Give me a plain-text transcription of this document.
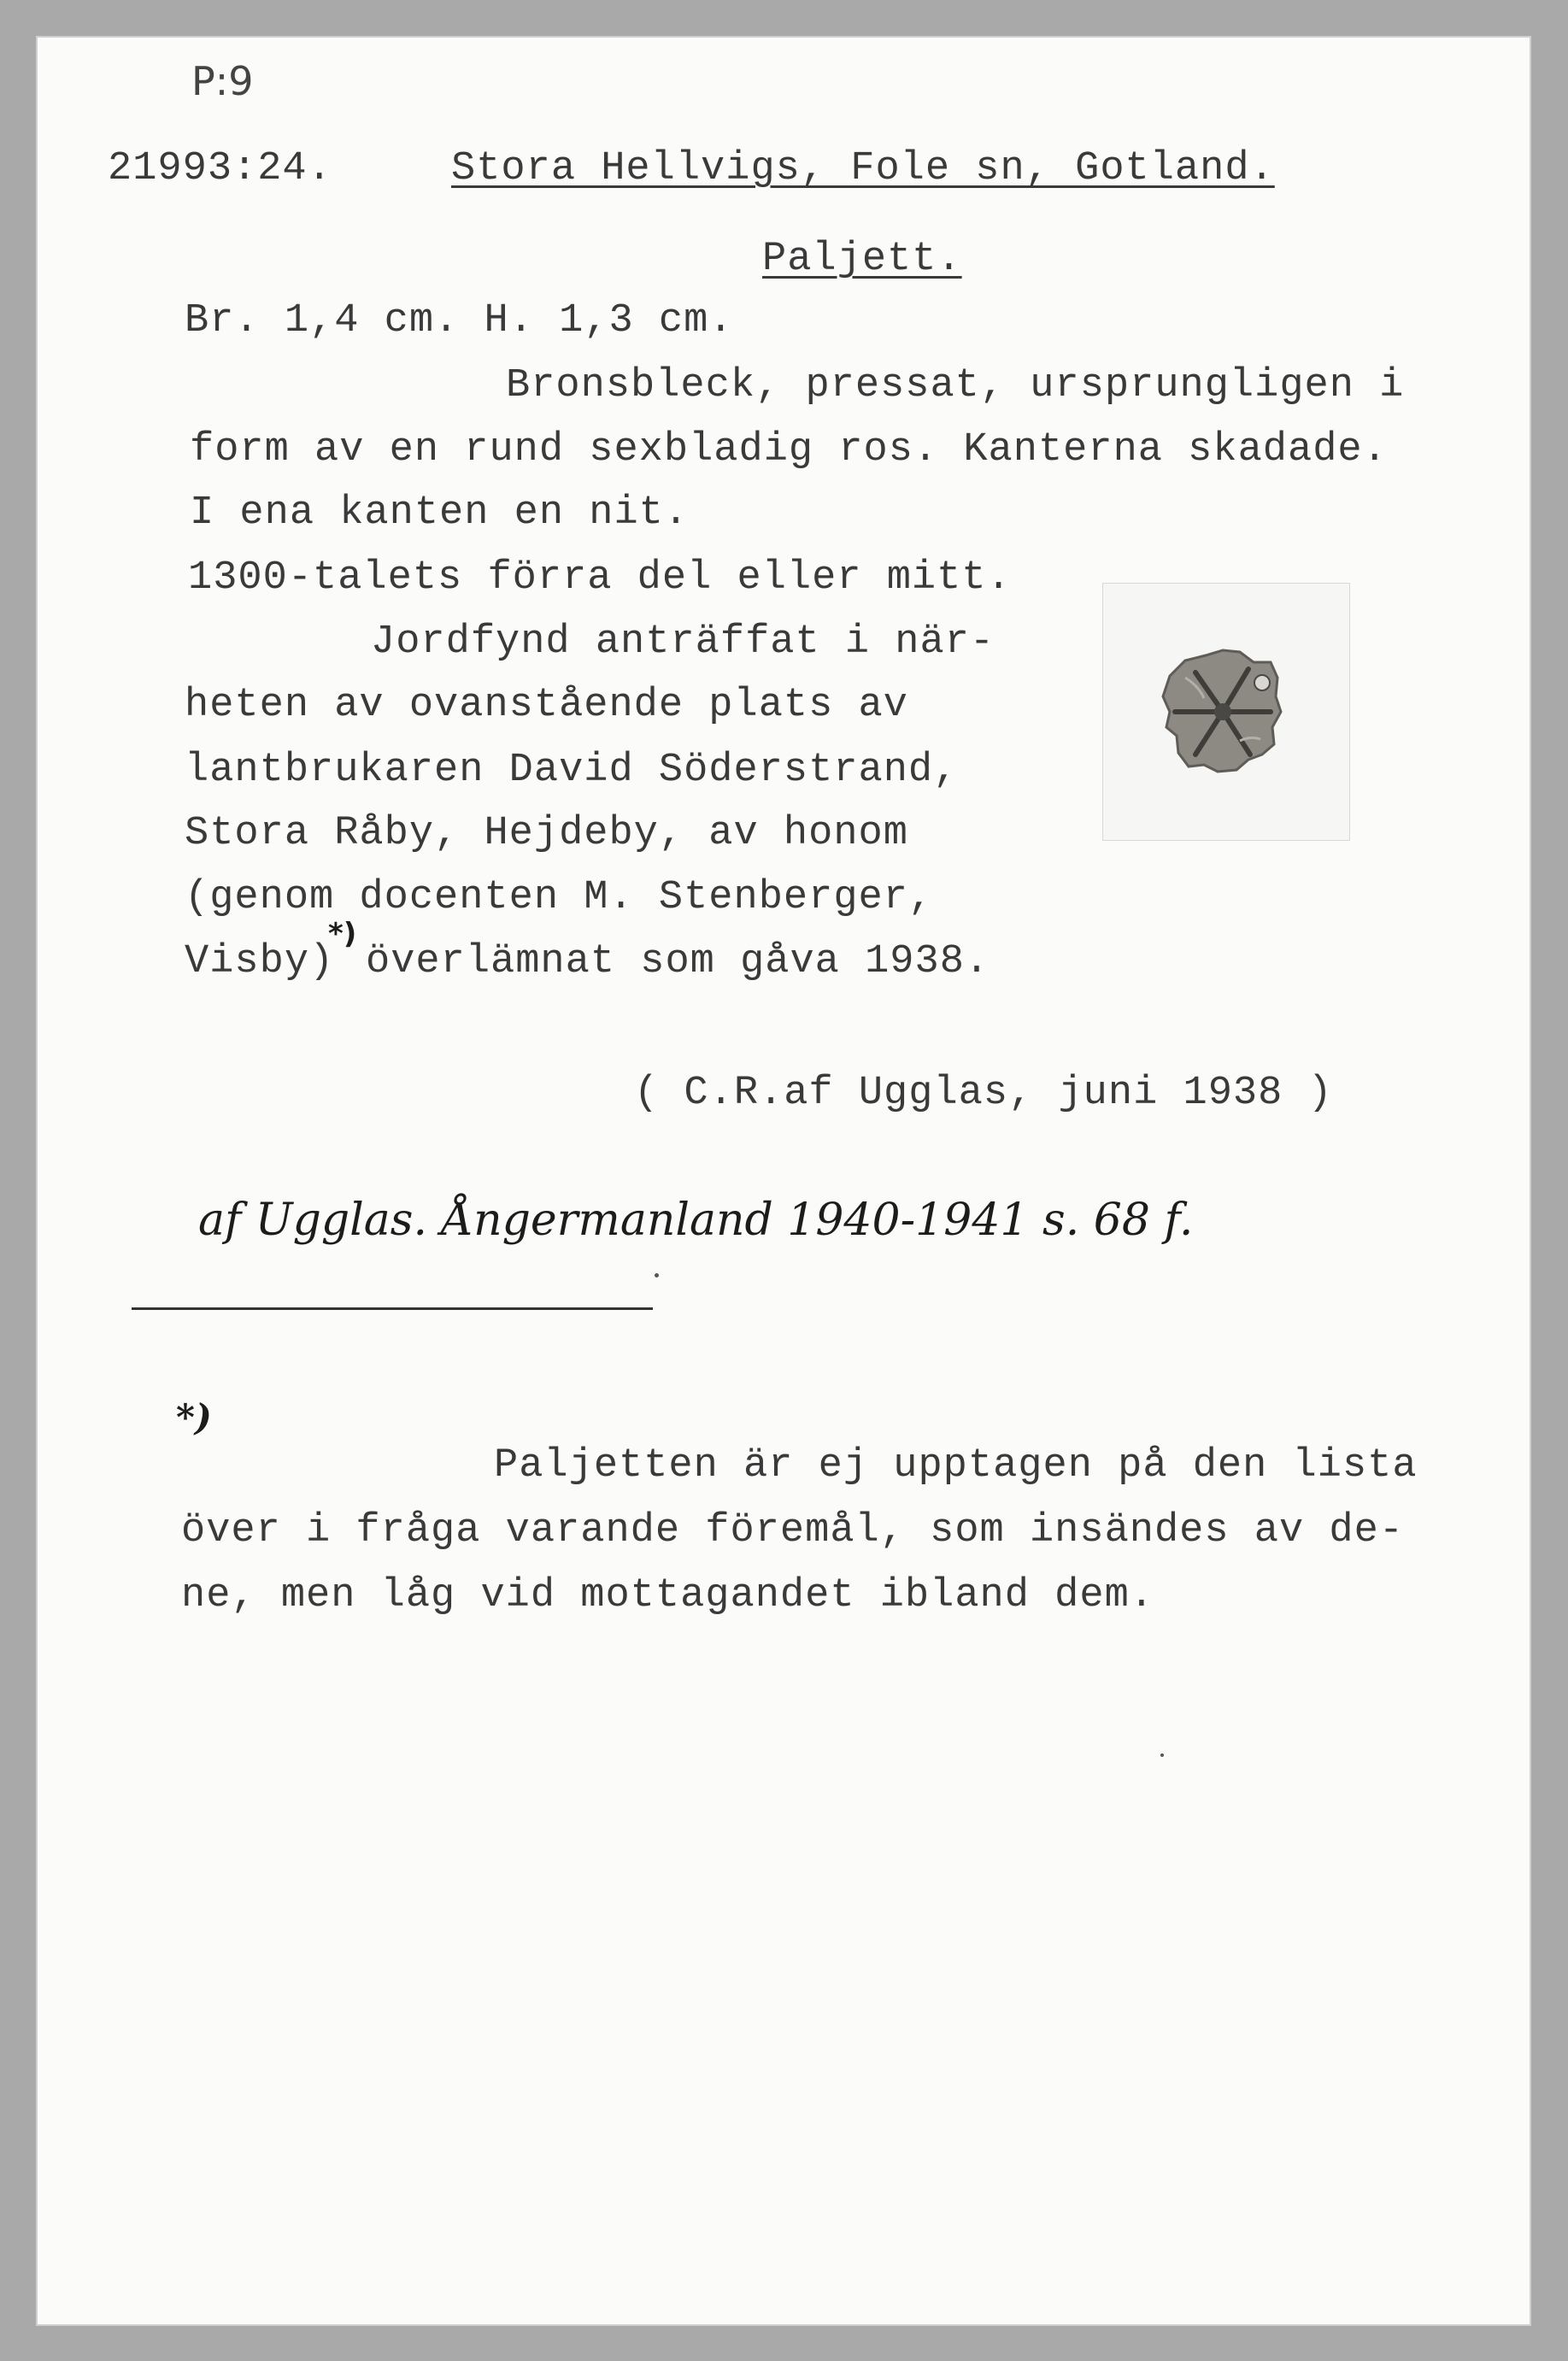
P:9
21993:24.	Stora Hellvigs, Fole sn, Gotland.
Paljett.
Br. 1,4 cm. H. 1,3 cm.
Bronsbleck, pressat, ursprungligen i
form av en rund sexbladig ros. Kanterna skadade.
I ena kanten en nit.
1300-talets förra del eller mitt.
Jordfynd anträffat i när-
heten av ovanstående plats av
lantbrukaren David Söderstrand,
Stora Råby, Hejdeby, av honom
(genom docenten M. Stenberger,
Visby)
*)
överlämnat som gåva 1938.
( C.R.af Ugglas, juni 1938 )
af Ugglas. Ångermanland 1940-1941 s. 68 f.
*)
Paljetten är ej upptagen på den lista
över i fråga varande föremål, som insändes av de-
ne, men låg vid mottagandet ibland dem.
